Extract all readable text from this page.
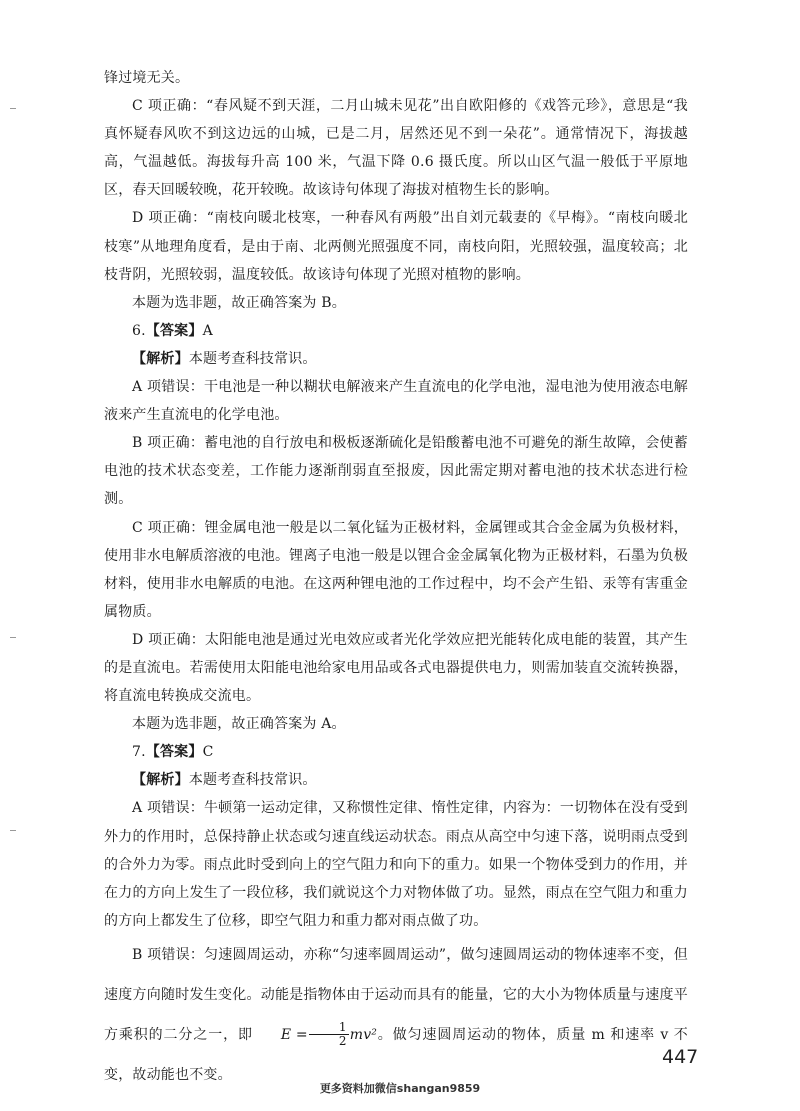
锋过境无关。

C 项正确：“春风疑不到天涯，二月山城未见花”出自欧阳修的《戏答元珍》，意思是“我真怀疑春风吹不到这边远的山城，已是二月，居然还见不到一朵花”。通常情况下，海拔越高，气温越低。海拔每升高 100 米，气温下降 0.6 摄氏度。所以山区气温一般低于平原地区，春天回暖较晚，花开较晚。故该诗句体现了海拔对植物生长的影响。

D 项正确：“南枝向暖北枝寒，一种春风有两般”出自刘元载妻的《早梅》。“南枝向暖北枝寒”从地理角度看，是由于南、北两侧光照强度不同，南枝向阳，光照较强，温度较高；北枝背阴，光照较弱，温度较低。故该诗句体现了光照对植物的影响。

本题为选非题，故正确答案为 B。

6.【答案】A

【解析】本题考查科技常识。

A 项错误：干电池是一种以糊状电解液来产生直流电的化学电池，湿电池为使用液态电解液来产生直流电的化学电池。

B 项正确：蓄电池的自行放电和极板逐渐硫化是铅酸蓄电池不可避免的渐生故障，会使蓄电池的技术状态变差，工作能力逐渐削弱直至报废，因此需定期对蓄电池的技术状态进行检测。

C 项正确：锂金属电池一般是以二氧化锰为正极材料，金属锂或其合金金属为负极材料，使用非水电解质溶液的电池。锂离子电池一般是以锂合金金属氧化物为正极材料，石墨为负极材料，使用非水电解质的电池。在这两种锂电池的工作过程中，均不会产生铅、汞等有害重金属物质。

D 项正确：太阳能电池是通过光电效应或者光化学效应把光能转化成电能的装置，其产生的是直流电。若需使用太阳能电池给家电用品或各式电器提供电力，则需加装直交流转换器，将直流电转换成交流电。

本题为选非题，故正确答案为 A。

7.【答案】C

【解析】本题考查科技常识。

A 项错误：牛顿第一运动定律，又称惯性定律、惰性定律，内容为：一切物体在没有受到外力的作用时，总保持静止状态或匀速直线运动状态。雨点从高空中匀速下落，说明雨点受到的合外力为零。雨点此时受到向上的空气阻力和向下的重力。如果一个物体受到力的作用，并在力的方向上发生了一段位移，我们就说这个力对物体做了功。显然，雨点在空气阻力和重力的方向上都发生了位移，即空气阻力和重力都对雨点做了功。

B 项错误：匀速圆周运动，亦称“匀速率圆周运动”，做匀速圆周运动的物体速率不变，但速度方向随时发生变化。动能是指物体由于运动而具有的能量，它的大小为物体质量与速度平方乘积的二分之一，即 $E = \frac{1}{2} mv^2$。做匀速圆周运动的物体，质量 m 和速率 v 不变，故动能也不变。

447
更多资料加微信shangan9859
